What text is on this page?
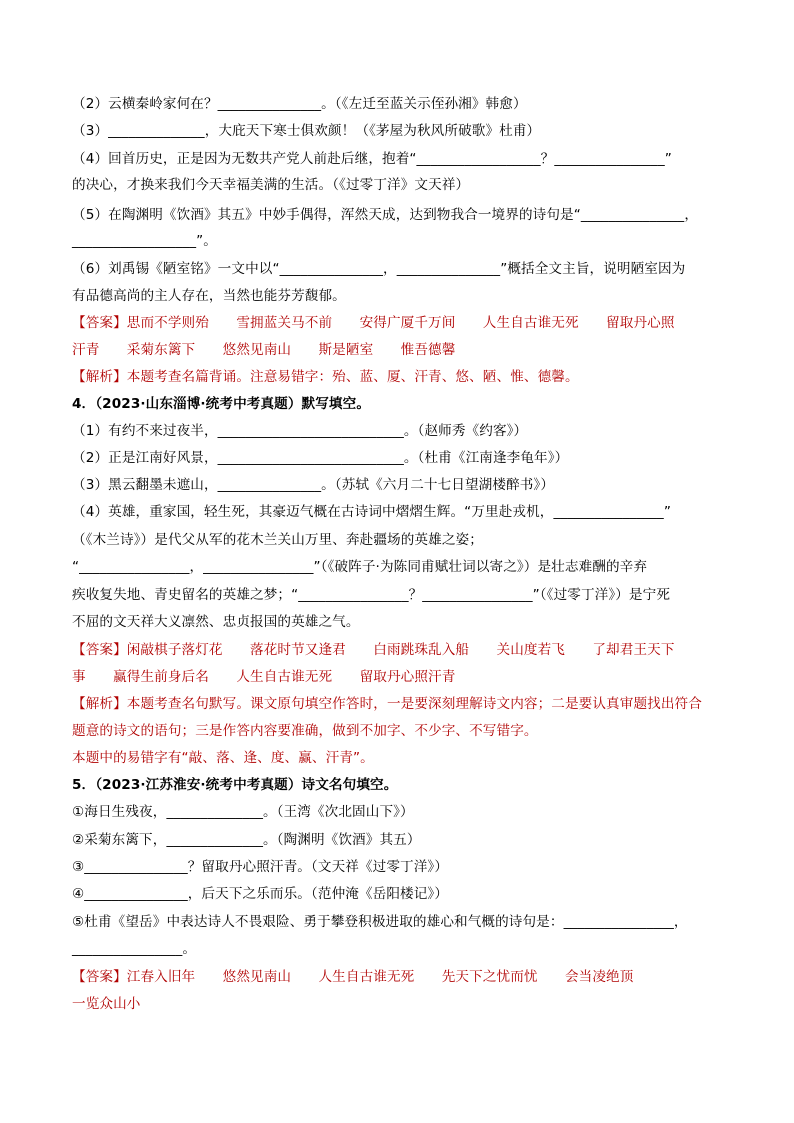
（2）云横秦岭家何在？_______________。（《左迁至蓝关示侄孙湘》韩愈）
（3）______________，大庇天下寒士俱欢颜！（《茅屋为秋风所破歌》杜甫）
（4）回首历史，正是因为无数共产党人前赴后继，抱着“__________________？________________”
的决心，才换来我们今天幸福美满的生活。（《过零丁洋》文天祥）
（5）在陶渊明《饮酒》其五》中妙手偶得，浑然天成，达到物我合一境界的诗句是“_______________，
__________________”。
（6）刘禹锡《陋室铭》一文中以“_______________，_______________”概括全文主旨，说明陋室因为
有品德高尚的主人存在，当然也能芬芳馥郁。
【答案】思而不学则殆　　雪拥蓝关马不前　　安得广厦千万间　　人生自古谁无死　　留取丹心照
汗青　　采菊东篱下　　悠然见南山　　斯是陋室　　惟吾德馨
【解析】本题考查名篇背诵。注意易错字：殆、蓝、厦、汗青、悠、陋、惟、德馨。
4．（2023·山东淄博·统考中考真题）默写填空。
（1）有约不来过夜半，___________________________。（赵师秀《约客》）
（2）正是江南好风景，___________________________。（杜甫《江南逢李龟年》）
（3）黑云翻墨未遮山，_______________。（苏轼《六月二十七日望湖楼醉书》）
（4）英雄，重家国，轻生死，其豪迈气概在古诗词中熠熠生辉。“万里赴戎机，________________”
（《木兰诗》）是代父从军的花木兰关山万里、奔赴疆场的英雄之姿；
“________________，________________”（《破阵子·为陈同甫赋壮词以寄之》）是壮志难酬的辛弃
疾收复失地、青史留名的英雄之梦；“________________？________________”（《过零丁洋》）是宁死
不屈的文天祥大义凛然、忠贞报国的英雄之气。
【答案】闲敲棋子落灯花　　落花时节又逢君　　白雨跳珠乱入船　　关山度若飞　　了却君王天下
事　　赢得生前身后名　　人生自古谁无死　　留取丹心照汗青
【解析】本题考查名句默写。课文原句填空作答时，一是要深刻理解诗文内容；二是要认真审题找出符合
题意的诗文的语句；三是作答内容要准确，做到不加字、不少字、不写错字。
本题中的易错字有“敲、落、逢、度、赢、汗青”。
5．（2023·江苏淮安·统考中考真题）诗文名句填空。
①海日生残夜，______________。（王湾《次北固山下》）
②采菊东篱下，______________。（陶渊明《饮酒》其五）
③_______________？留取丹心照汗青。（文天祥《过零丁洋》）
④_______________，后天下之乐而乐。（范仲淹《岳阳楼记》）
⑤杜甫《望岳》中表达诗人不畏艰险、勇于攀登积极进取的雄心和气概的诗句是：________________，
________________。
【答案】江春入旧年　　悠然见南山　　人生自古谁无死　　先天下之忧而忧　　会当凌绝顶
一览众山小
